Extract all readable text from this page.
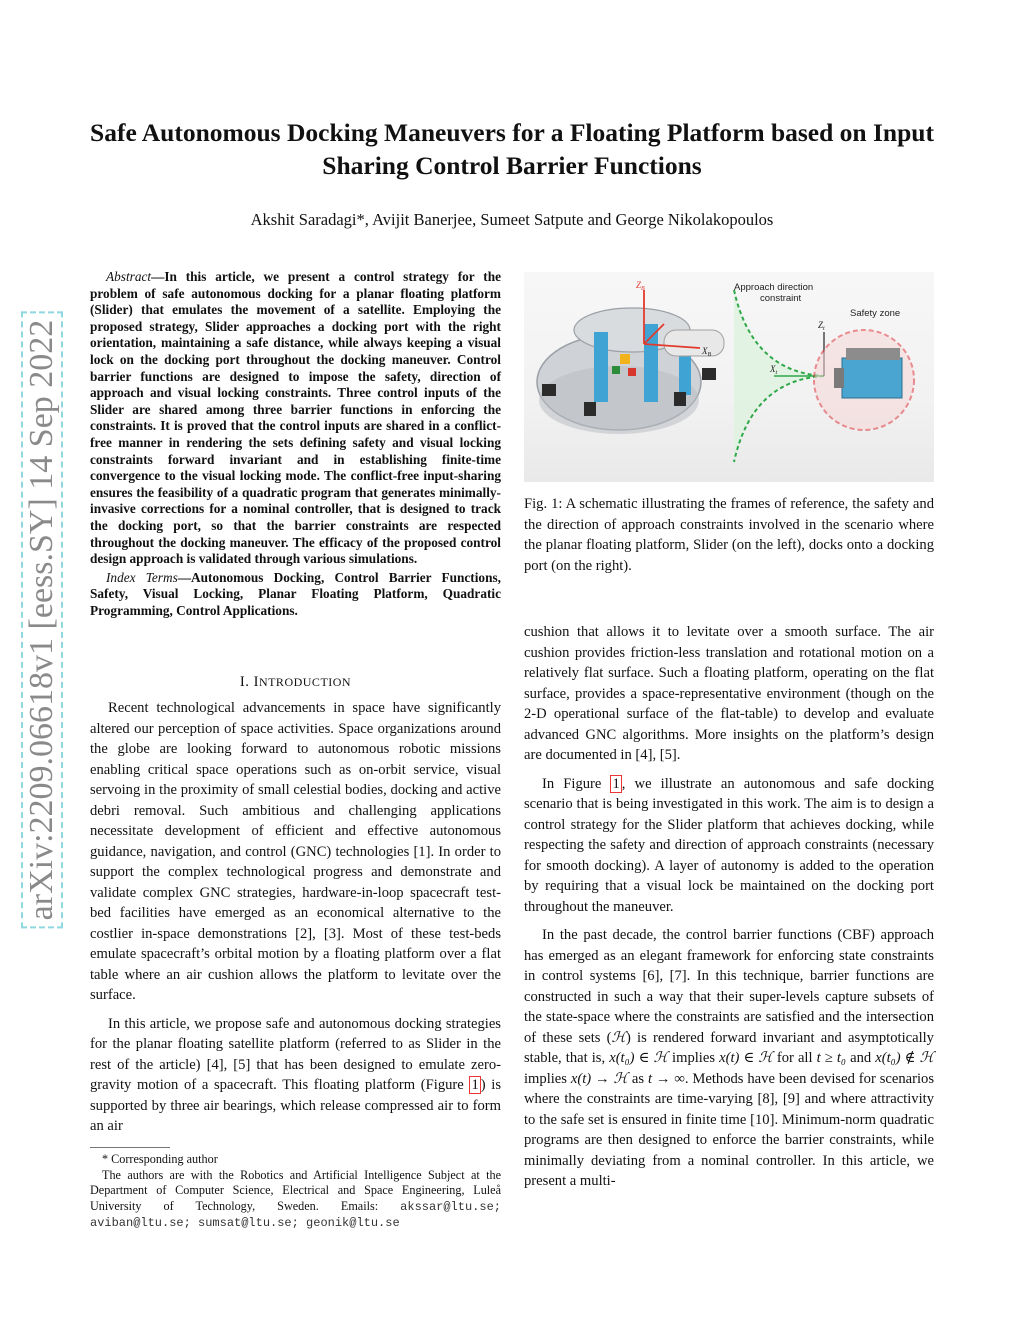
arXiv:2209.06618v1 [eess.SY] 14 Sep 2022
Safe Autonomous Docking Maneuvers for a Floating Platform based on Input Sharing Control Barrier Functions
Akshit Saradagi*, Avijit Banerjee, Sumeet Satpute and George Nikolakopoulos

Abstract—In this article, we present a control strategy for the problem of safe autonomous docking for a planar floating platform (Slider) that emulates the movement of a satellite. Employing the proposed strategy, Slider approaches a docking port with the right orientation, maintaining a safe distance, while always keeping a visual lock on the docking port throughout the docking maneuver. Control barrier functions are designed to impose the safety, direction of approach and visual locking constraints. Three control inputs of the Slider are shared among three barrier functions in enforcing the constraints. It is proved that the control inputs are shared in a conflict-free manner in rendering the sets defining safety and visual locking constraints forward invariant and in establishing finite-time convergence to the visual locking mode. The conflict-free input-sharing ensures the feasibility of a quadratic program that generates minimally-invasive corrections for a nominal controller, that is designed to track the docking port, so that the barrier constraints are respected throughout the docking maneuver. The efficacy of the proposed control design approach is validated through various simulations.

Index Terms—Autonomous Docking, Control Barrier Functions, Safety, Visual Locking, Planar Floating Platform, Quadratic Programming, Control Applications.

I. INTRODUCTION

Recent technological advancements in space have significantly altered our perception of space activities. Space organizations around the globe are looking forward to autonomous robotic missions enabling critical space operations such as on-orbit service, visual servoing in the proximity of small celestial bodies, docking and active debri removal. Such ambitious and challenging applications necessitate development of efficient and effective autonomous guidance, navigation, and control (GNC) technologies [1]. In order to support the complex technological progress and demonstrate and validate complex GNC strategies, hardware-in-loop spacecraft test-bed facilities have emerged as an economical alternative to the costlier in-space demonstrations [2], [3]. Most of these test-beds emulate spacecraft’s orbital motion by a floating platform over a flat table where an air cushion allows the platform to levitate over the surface.

In this article, we propose safe and autonomous docking strategies for the planar floating satellite platform (referred to as Slider in the rest of the article) [4], [5] that has been designed to emulate zero-gravity motion of a spacecraft. This floating platform (Figure 1 ) is supported by three air bearings, which release compressed air to form an air

* Corresponding author

The authors are with the Robotics and Artificial Intelligence Subject at the Department of Computer Science, Electrical and Space Engineering, Luleå University of Technology, Sweden. Emails: akssar@ltu.se; aviban@ltu.se; sumsat@ltu.se; geonik@ltu.se

$Z_B$
$X_B$
$X_t$
$Z_t$
Approach direction constraint
Safety zone
Fig. 1: A schematic illustrating the frames of reference, the safety and the direction of approach constraints involved in the scenario where the planar floating platform, Slider (on the left), docks onto a docking port (on the right).

cushion that allows it to levitate over a smooth surface. The air cushion provides friction-less translation and rotational motion on a relatively flat surface. Such a floating platform, operating on the flat surface, provides a space-representative environment (though on the 2-D operational surface of the flat-table) to develop and evaluate advanced GNC algorithms. More insights on the platform’s design are documented in [4], [5].

In Figure 1 , we illustrate an autonomous and safe docking scenario that is being investigated in this work. The aim is to design a control strategy for the Slider platform that achieves docking, while respecting the safety and direction of approach constraints (necessary for smooth docking). A layer of autonomy is added to the operation by requiring that a visual lock be maintained on the docking port throughout the maneuver.

In the past decade, the control barrier functions (CBF) approach has emerged as an elegant framework for enforcing state constraints in control systems [6], [7]. In this technique, barrier functions are constructed in such a way that their super-levels capture subsets of the state-space where the constraints are satisfied and the intersection of these sets (ℋ) is rendered forward invariant and asymptotically stable, that is, x(t₀) ∈ ℋ implies x(t) ∈ ℋ for all t ≥ t₀ and x(t₀) ∉ ℋ implies x(t) → ℋ as t → ∞. Methods have been devised for scenarios where the constraints are time-varying [8], [9] and where attractivity to the safe set is ensured in finite time [10]. Minimum-norm quadratic programs are then designed to enforce the barrier constraints, while minimally deviating from a nominal controller. In this article, we present a multi-
